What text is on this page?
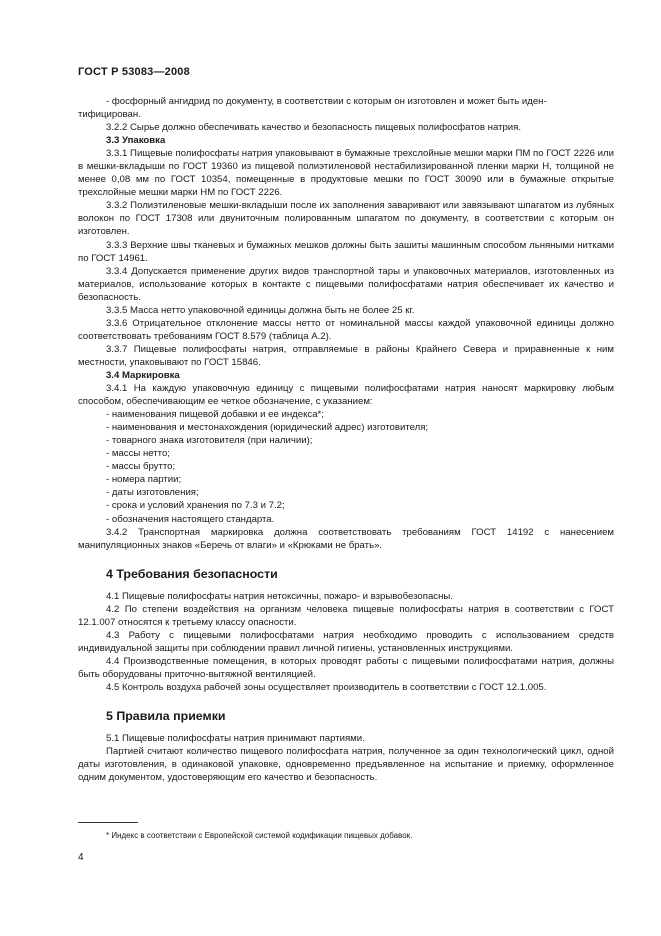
ГОСТ Р 53083—2008

- фосфорный ангидрид по документу, в соответствии с которым он изготовлен и может быть иден-

тифицирован.

3.2.2 Сырье должно обеспечивать качество и безопасность пищевых полифосфатов натрия.

3.3 Упаковка

3.3.1 Пищевые полифосфаты натрия упаковывают в бумажные трехслойные мешки марки ПМ по ГОСТ 2226 или в мешки-вкладыши по ГОСТ 19360 из пищевой полиэтиленовой нестабилизированной пленки марки Н, толщиной не менее 0,08 мм по ГОСТ 10354, помещенные в продуктовые мешки по ГОСТ 30090 или в бумажные открытые трехслойные мешки марки НМ по ГОСТ 2226.

3.3.2 Полиэтиленовые мешки-вкладыши после их заполнения заваривают или завязывают шпагатом из лубяных волокон по ГОСТ 17308 или двуниточным полированным шпагатом по документу, в соответствии с которым он изготовлен.

3.3.3 Верхние швы тканевых и бумажных мешков должны быть зашиты машинным способом льняными нитками по ГОСТ 14961.

3.3.4 Допускается применение других видов транспортной тары и упаковочных материалов, изготовленных из материалов, использование которых в контакте с пищевыми полифосфатами натрия обеспечивает их качество и безопасность.

3.3.5 Масса нетто упаковочной единицы должна быть не более 25 кг.

3.3.6 Отрицательное отклонение массы нетто от номинальной массы каждой упаковочной единицы должно соответствовать требованиям ГОСТ 8.579 (таблица А.2).

3.3.7 Пищевые полифосфаты натрия, отправляемые в районы Крайнего Севера и приравненные к ним местности, упаковывают по ГОСТ 15846.

3.4 Маркировка

3.4.1 На каждую упаковочную единицу с пищевыми полифосфатами натрия наносят маркировку любым способом, обеспечивающим ее четкое обозначение, с указанием:

- наименования пищевой добавки и ее индекса*;

- наименования и местонахождения (юридический адрес) изготовителя;

- товарного знака изготовителя (при наличии);

- массы нетто;

- массы брутто;

- номера партии;

- даты изготовления;

- срока и условий хранения по 7.3 и 7.2;

- обозначения настоящего стандарта.

3.4.2 Транспортная маркировка должна соответствовать требованиям ГОСТ 14192 с нанесением манипуляционных знаков «Беречь от влаги» и «Крюками не брать».

4 Требования безопасности

4.1 Пищевые полифосфаты натрия нетоксичны, пожаро- и взрывобезопасны.

4.2 По степени воздействия на организм человека пищевые полифосфаты натрия в соответствии с ГОСТ 12.1.007 относятся к третьему классу опасности.

4.3 Работу с пищевыми полифосфатами натрия необходимо проводить с использованием средств индивидуальной защиты при соблюдении правил личной гигиены, установленных инструкциями.

4.4 Производственные помещения, в которых проводят работы с пищевыми полифосфатами натрия, должны быть оборудованы приточно-вытяжной вентиляцией.

4.5 Контроль воздуха рабочей зоны осуществляет производитель в соответствии с ГОСТ 12.1.005.

5 Правила приемки

5.1 Пищевые полифосфаты натрия принимают партиями.

Партией считают количество пищевого полифосфата натрия, полученное за один технологический цикл, одной даты изготовления, в одинаковой упаковке, одновременно предъявленное на испытание и приемку, оформленное одним документом, удостоверяющим его качество и безопасность.

* Индекс в соответствии с Европейской системой кодификации пищевых добавок.
4
